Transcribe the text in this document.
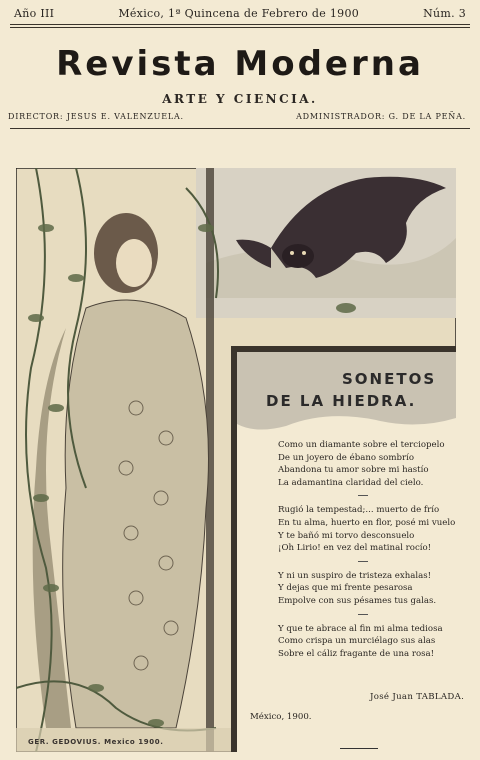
Año III	México, 1ª Quincena de Febrero de 1900	Núm. 3
Revista Moderna
ARTE Y CIENCIA.
DIRECTOR: JESUS E. VALENZUELA.	ADMINISTRADOR: G. DE LA PEÑA.
SONETOS
DE LA HIEDRA.
Como un diamante sobre el terciopelo
De un joyero de ébano sombrío
Abandona tu amor sobre mi hastío
La adamantina claridad del cielo.
Rugió la tempestad;... muerto de frío
En tu alma, huerto en flor, posé mi vuelo
Y te bañó mi torvo desconsuelo
¡Oh Lirio! en vez del matinal rocío!
Y ni un suspiro de tristeza exhalas!
Y dejas que mi frente pesarosa
Empolve con sus pésames tus galas.
Y que te abrace al fin mi alma tediosa
Como crispa un murciélago sus alas
Sobre el cáliz fragante de una rosa!
José Juan TABLADA.
México, 1900.
GER. GEDOVIUS. Mexico 1900.
